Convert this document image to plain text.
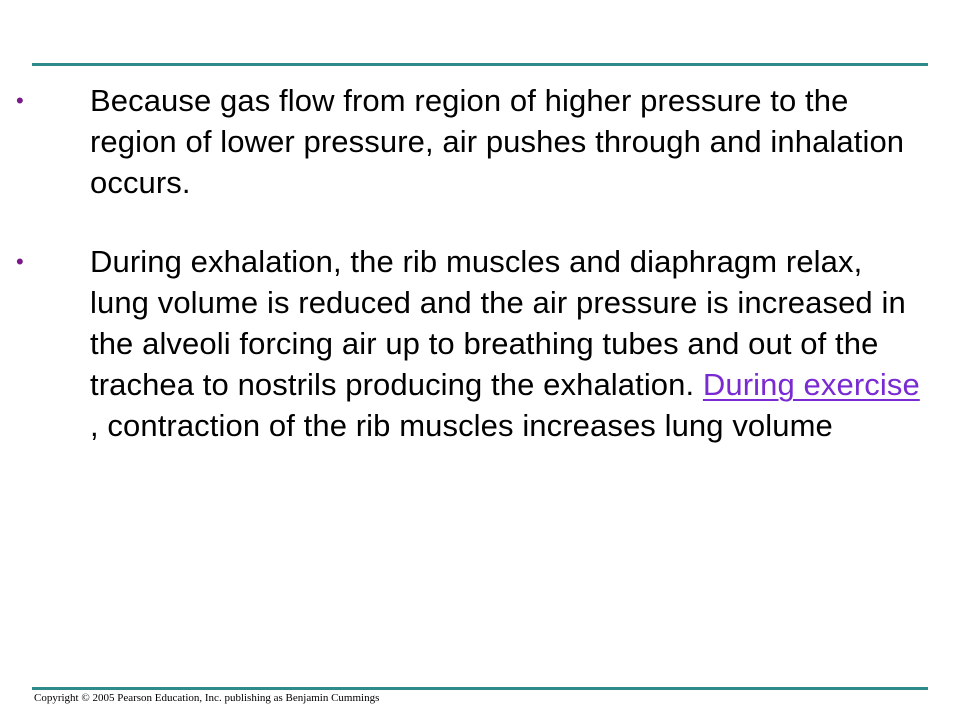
• Because gas flow from region of higher pressure to the region of lower pressure, air pushes through and inhalation occurs.
• During exhalation, the rib muscles and diaphragm relax, lung volume is reduced and the air pressure is increased in the alveoli forcing air up to breathing tubes and out of the trachea to nostrils producing the exhalation. During exercise
, contraction of the rib muscles increases lung volume
Copyright © 2005 Pearson Education, Inc. publishing as Benjamin Cummings
